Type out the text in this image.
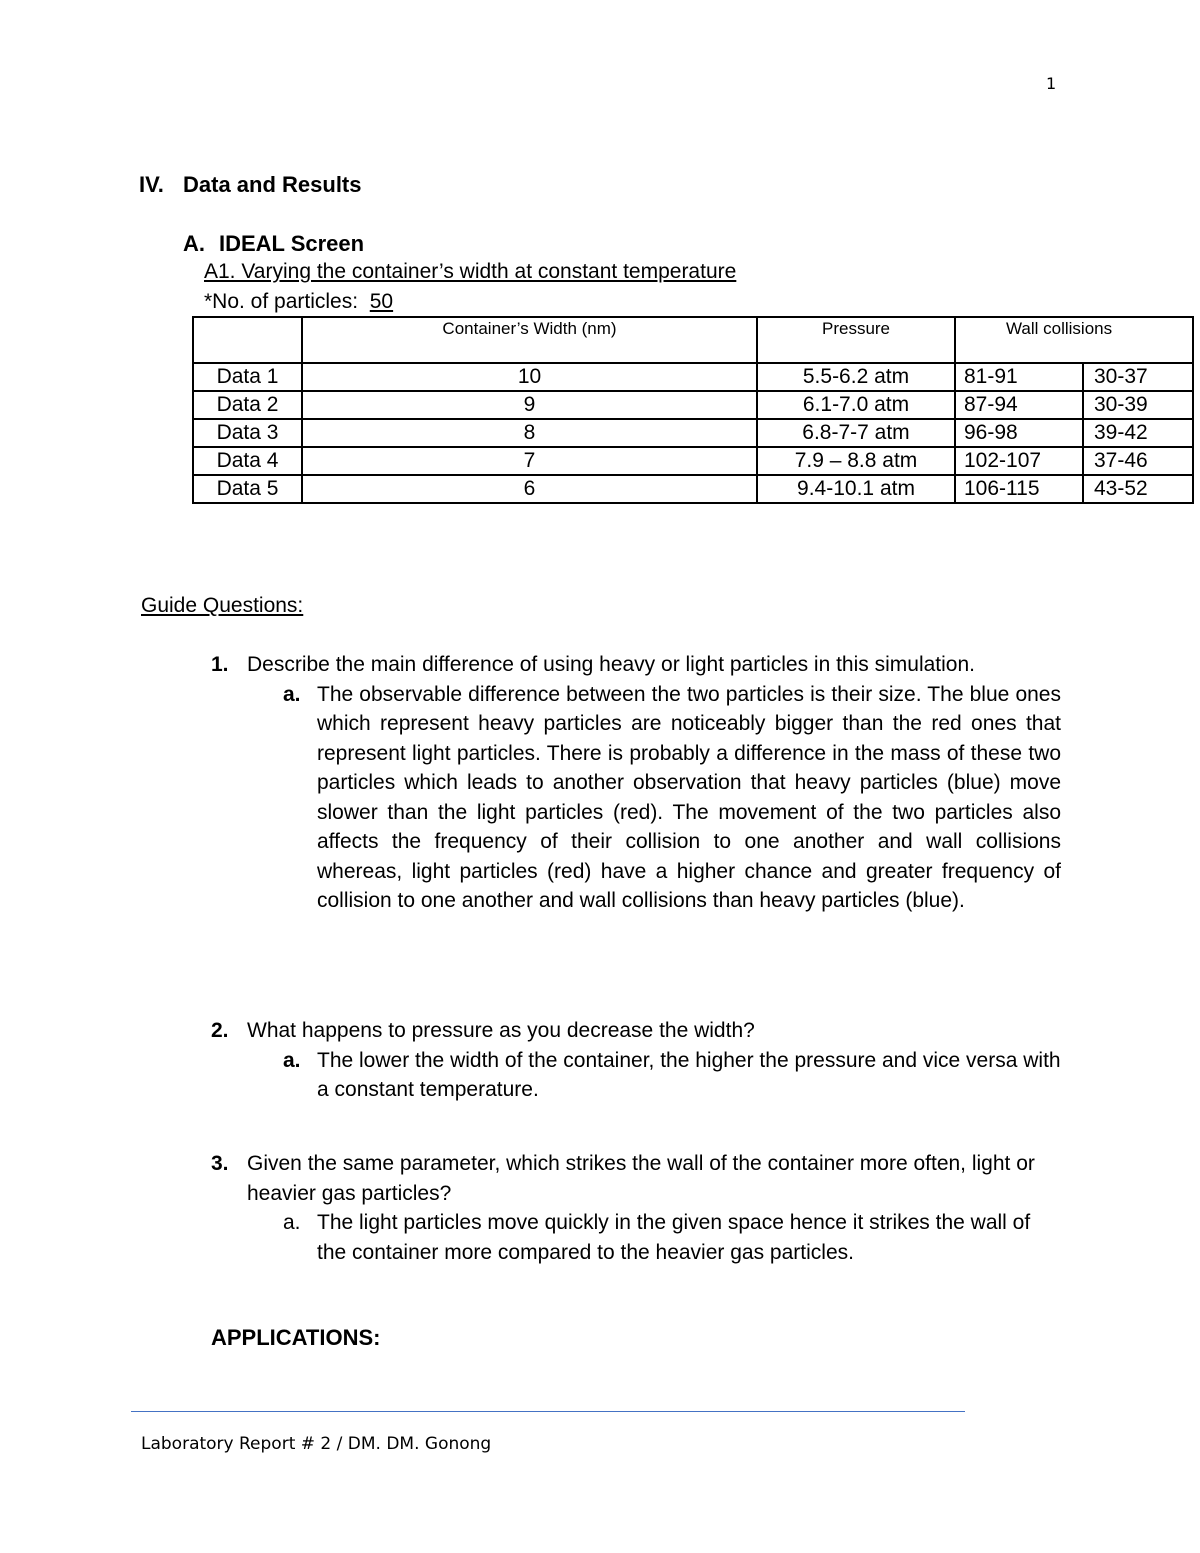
1
IV. Data and Results
A. IDEAL Screen
A1. Varying the container’s width at constant temperature
*No. of particles: 50
	Container’s Width (nm)	Pressure	Wall collisions	
Data 1	10	5.5-6.2 atm	81-91	30-37
Data 2	9	6.1-7.0 atm	87-94	30-39
Data 3	8	6.8-7-7 atm	96-98	39-42
Data 4	7	7.9 – 8.8 atm	102-107	37-46
Data 5	6	9.4-10.1 atm	106-115	43-52
Guide Questions:
1. Describe the main difference of using heavy or light particles in this simulation.
a. The observable difference between the two particles is their size. The blue ones which represent heavy particles are noticeably bigger than the red ones that represent light particles. There is probably a difference in the mass of these two particles which leads to another observation that heavy particles (blue) move slower than the light particles (red). The movement of the two particles also affects the frequency of their collision to one another and wall collisions whereas, light particles (red) have a higher chance and greater frequency of collision to one another and wall collisions than heavy particles (blue).
2. What happens to pressure as you decrease the width?
a. The lower the width of the container, the higher the pressure and vice versa with a constant temperature.
3. Given the same parameter, which strikes the wall of the container more often, light or heavier gas particles?
a. The light particles move quickly in the given space hence it strikes the wall of the container more compared to the heavier gas particles.
APPLICATIONS:
Laboratory Report # 2 / DM. DM. Gonong
